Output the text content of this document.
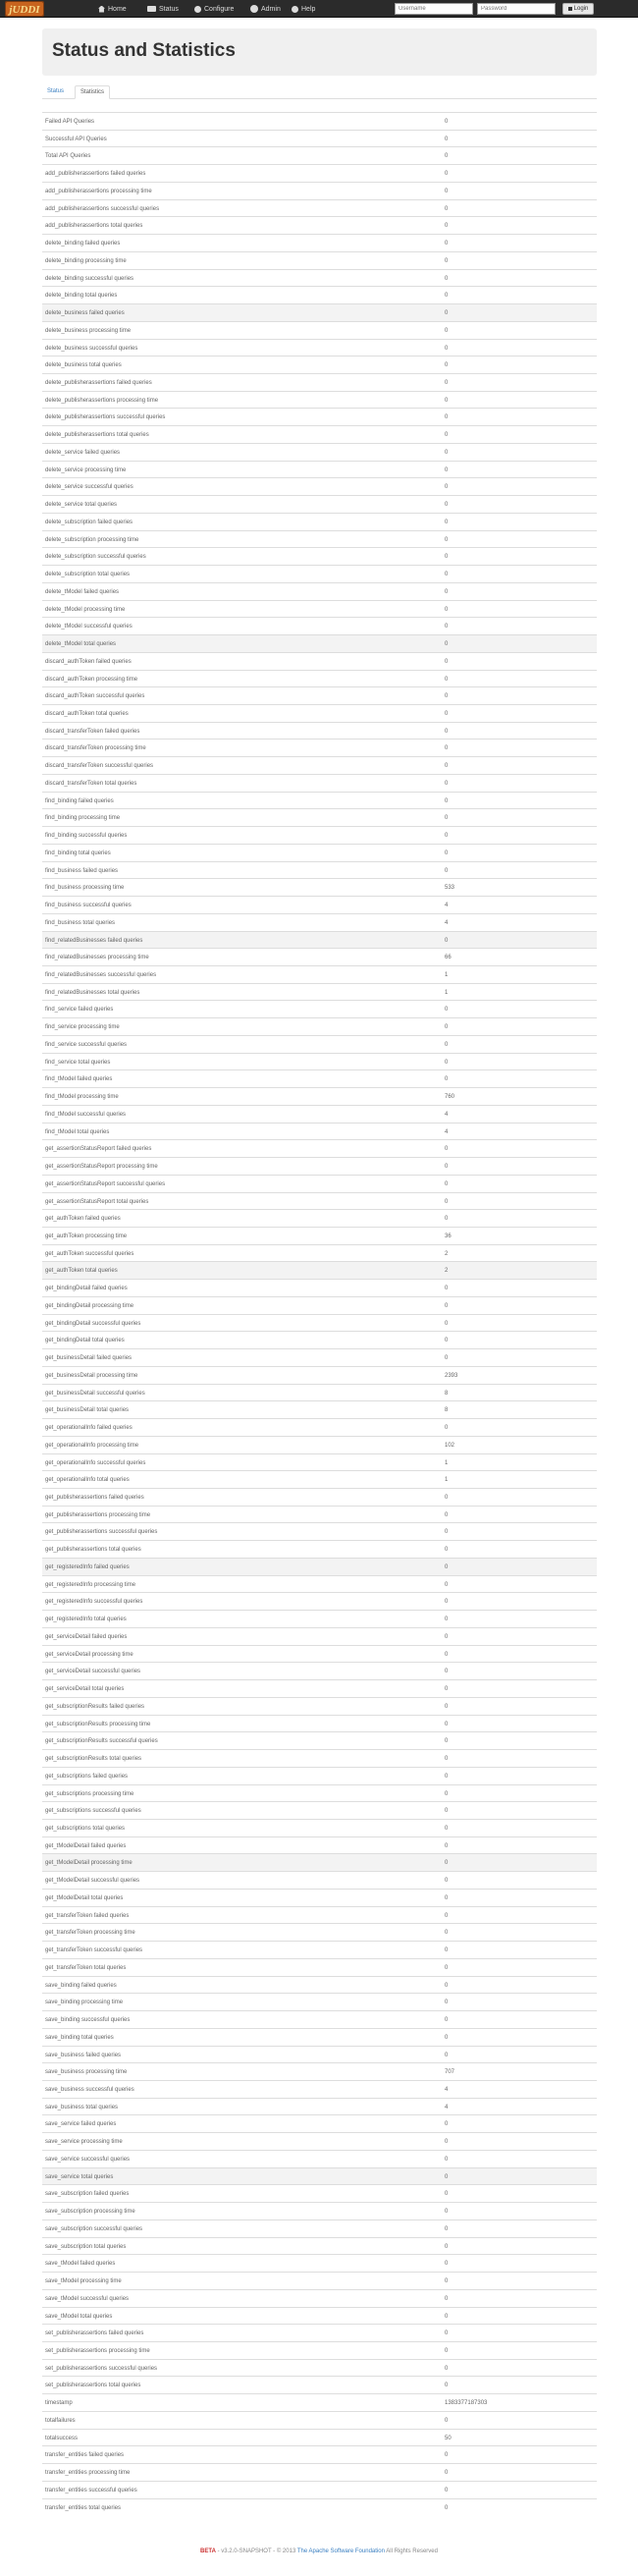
jUDDI	Home	Status	Configure	Admin	Help
Username
Password	Login
Status and Statistics
Status	Statistics
Failed API Queries	0
Successful API Queries	0
Total API Queries	0
add_publisherassertions failed queries	0
add_publisherassertions processing time	0
add_publisherassertions successful queries	0
add_publisherassertions total queries	0
delete_binding failed queries	0
delete_binding processing time	0
delete_binding successful queries	0
delete_binding total queries	0
delete_business failed queries	0
delete_business processing time	0
delete_business successful queries	0
delete_business total queries	0
delete_publisherassertions failed queries	0
delete_publisherassertions processing time	0
delete_publisherassertions successful queries	0
delete_publisherassertions total queries	0
delete_service failed queries	0
delete_service processing time	0
delete_service successful queries	0
delete_service total queries	0
delete_subscription failed queries	0
delete_subscription processing time	0
delete_subscription successful queries	0
delete_subscription total queries	0
delete_tModel failed queries	0
delete_tModel processing time	0
delete_tModel successful queries	0
delete_tModel total queries	0
discard_authToken failed queries	0
discard_authToken processing time	0
discard_authToken successful queries	0
discard_authToken total queries	0
discard_transferToken failed queries	0
discard_transferToken processing time	0
discard_transferToken successful queries	0
discard_transferToken total queries	0
find_binding failed queries	0
find_binding processing time	0
find_binding successful queries	0
find_binding total queries	0
find_business failed queries	0
find_business processing time	533
find_business successful queries	4
find_business total queries	4
find_relatedBusinesses failed queries	0
find_relatedBusinesses processing time	66
find_relatedBusinesses successful queries	1
find_relatedBusinesses total queries	1
find_service failed queries	0
find_service processing time	0
find_service successful queries	0
find_service total queries	0
find_tModel failed queries	0
find_tModel processing time	760
find_tModel successful queries	4
find_tModel total queries	4
get_assertionStatusReport failed queries	0
get_assertionStatusReport processing time	0
get_assertionStatusReport successful queries	0
get_assertionStatusReport total queries	0
get_authToken failed queries	0
get_authToken processing time	36
get_authToken successful queries	2
get_authToken total queries	2
get_bindingDetail failed queries	0
get_bindingDetail processing time	0
get_bindingDetail successful queries	0
get_bindingDetail total queries	0
get_businessDetail failed queries	0
get_businessDetail processing time	2393
get_businessDetail successful queries	8
get_businessDetail total queries	8
get_operationalInfo failed queries	0
get_operationalInfo processing time	102
get_operationalInfo successful queries	1
get_operationalInfo total queries	1
get_publisherassertions failed queries	0
get_publisherassertions processing time	0
get_publisherassertions successful queries	0
get_publisherassertions total queries	0
get_registeredInfo failed queries	0
get_registeredInfo processing time	0
get_registeredInfo successful queries	0
get_registeredInfo total queries	0
get_serviceDetail failed queries	0
get_serviceDetail processing time	0
get_serviceDetail successful queries	0
get_serviceDetail total queries	0
get_subscriptionResults failed queries	0
get_subscriptionResults processing time	0
get_subscriptionResults successful queries	0
get_subscriptionResults total queries	0
get_subscriptions failed queries	0
get_subscriptions processing time	0
get_subscriptions successful queries	0
get_subscriptions total queries	0
get_tModelDetail failed queries	0
get_tModelDetail processing time	0
get_tModelDetail successful queries	0
get_tModelDetail total queries	0
get_transferToken failed queries	0
get_transferToken processing time	0
get_transferToken successful queries	0
get_transferToken total queries	0
save_binding failed queries	0
save_binding processing time	0
save_binding successful queries	0
save_binding total queries	0
save_business failed queries	0
save_business processing time	707
save_business successful queries	4
save_business total queries	4
save_service failed queries	0
save_service processing time	0
save_service successful queries	0
save_service total queries	0
save_subscription failed queries	0
save_subscription processing time	0
save_subscription successful queries	0
save_subscription total queries	0
save_tModel failed queries	0
save_tModel processing time	0
save_tModel successful queries	0
save_tModel total queries	0
set_publisherassertions failed queries	0
set_publisherassertions processing time	0
set_publisherassertions successful queries	0
set_publisherassertions total queries	0
timestamp	1383377187303
totalfailures	0
totalsuccess	50
transfer_entities failed queries	0
transfer_entities processing time	0
transfer_entities successful queries	0
transfer_entities total queries	0
BETA - v3.2.0-SNAPSHOT - © 2013 The Apache Software Foundation All Rights Reserved
